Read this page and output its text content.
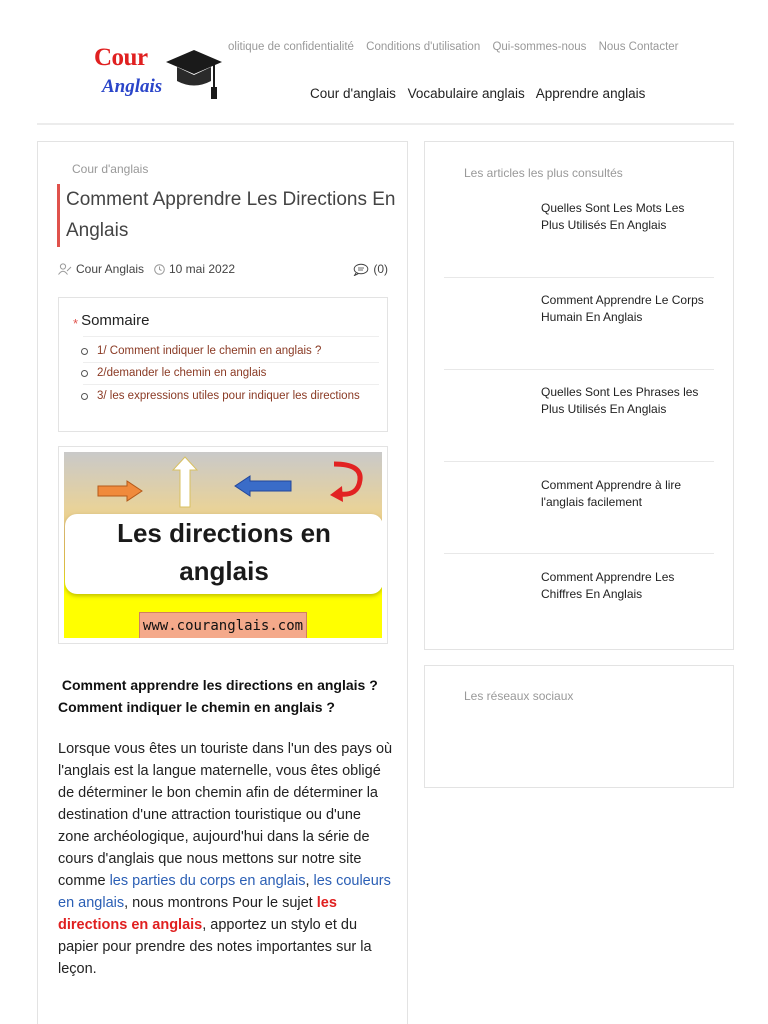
Cour
Anglais
olitique de confidentialité Conditions d'utilisation Qui-sommes-nous Nous Contacter
Cour d'anglais Vocabulaire anglais Apprendre anglais
Cour d'anglais
Comment Apprendre Les Directions En Anglais
Cour Anglais 10 mai 2022	(0)
* Sommaire
1/ Comment indiquer le chemin en anglais ?
2/demander le chemin en anglais
3/ les expressions utiles pour indiquer les directions
Les directions en
anglais
www.couranglais.com

Comment apprendre les directions en anglais ? Comment indiquer le chemin en anglais ?

Lorsque vous êtes un touriste dans l'un des pays où l'anglais est la langue maternelle, vous êtes obligé de déterminer le bon chemin afin de déterminer la destination d'une attraction touristique ou d'une zone archéologique, aujourd'hui dans la série de cours d'anglais que nous mettons sur notre site comme les parties du corps en anglais, les couleurs en anglais, nous montrons Pour le sujet les directions en anglais, apportez un stylo et du papier pour prendre des notes importantes sur la leçon.

Les articles les plus consultés
Quelles Sont Les Mots Les Plus Utilisés En Anglais
Comment Apprendre Le Corps Humain En Anglais
Quelles Sont Les Phrases les Plus Utilisés En Anglais
Comment Apprendre à lire l'anglais facilement
Comment Apprendre Les Chiffres En Anglais
Les réseaux sociaux
